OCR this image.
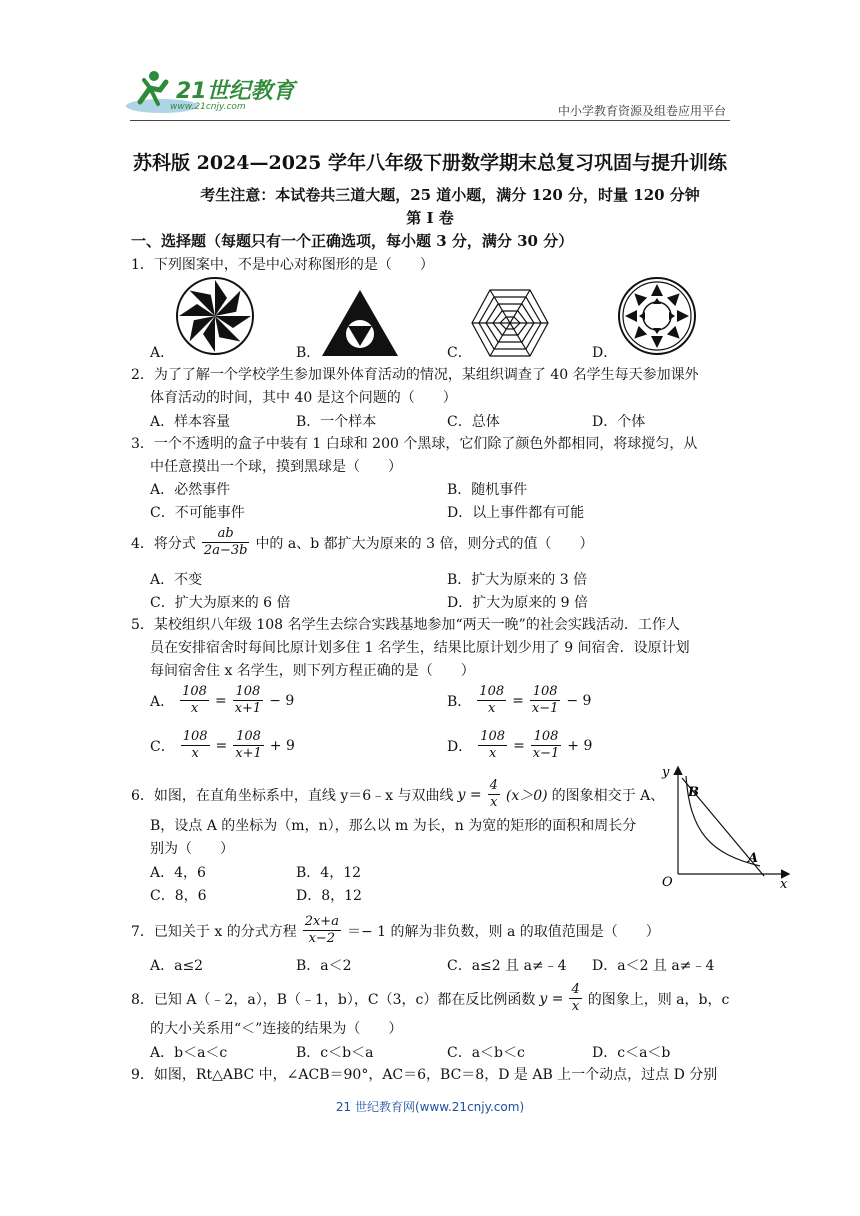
21世纪教育
www.21cnjy.com	中小学教育资源及组卷应用平台
苏科版 2024—2025 学年八年级下册数学期末总复习巩固与提升训练
考生注意：本试卷共三道大题，25 道小题，满分 120 分，时量 120 分钟
第 I 卷
一、选择题（每题只有一个正确选项，每小题 3 分，满分 30 分）
1．下列图案中，不是中心对称图形的是（　　）
A．	B．	C．	D．
2．为了了解一个学校学生参加课外体育活动的情况，某组织调查了 40 名学生每天参加课外
体育活动的时间，其中 40 是这个问题的（　　）
A．样本容量	B．一个样本	C．总体	D．个体
3．一个不透明的盒子中装有 1 白球和 200 个黑球，它们除了颜色外都相同，将球搅匀，从
中任意摸出一个球，摸到黑球是（　　）
A．必然事件	B．随机事件
C．不可能事件	D．以上事件都有可能
4．将分式 $\frac{ab}{2a-3b}$ 中的 a、b 都扩大为原来的 3 倍，则分式的值（　　）
A．不变	B．扩大为原来的 3 倍
C．扩大为原来的 6 倍	D．扩大为原来的 9 倍
5．某校组织八年级 108 名学生去综合实践基地参加“两天一晚”的社会实践活动．工作人
员在安排宿舍时每间比原计划多住 1 名学生，结果比原计划少用了 9 间宿舍．设原计划
每间宿舍住 x 名学生，则下列方程正确的是（　　）
A． $\frac{108}{x} = \frac{108}{x+1} - 9$	B． $\frac{108}{x} = \frac{108}{x-1} - 9$
C． $\frac{108}{x} = \frac{108}{x+1} + 9$	D． $\frac{108}{x} = \frac{108}{x-1} + 9$
6．如图，在直角坐标系中，直线 y＝6﹣x 与双曲线 $y = \frac{4}{x} (x>0)$ 的图象相交于 A、
B，设点 A 的坐标为（m，n），那么以 m 为长，n 为宽的矩形的面积和周长分
别为（　　）
A．4，6	B．4，12
C．8，6	D．8，12
y
x
O
B
A
7．已知关于 x 的分式方程 $\frac{2x+a}{x-2} =- 1$ 的解为非负数，则 a 的取值范围是（　　）
A．a≤2	B．a＜2	C．a≤2 且 a≠﹣4 D．a＜2 且 a≠﹣4
8．已知 A（﹣2，a），B（﹣1，b），C（3，c）都在反比例函数 $y = \frac{4}{x}$ 的图象上，则 a，b，c
的大小关系用“＜”连接的结果为（　　）
A．b＜a＜c	B．c＜b＜a	C．a＜b＜c	D．c＜a＜b
9．如图，Rt△ABC 中，∠ACB＝90°，AC＝6，BC＝8，D 是 AB 上一个动点，过点 D 分别
21 世纪教育网(www.21cnjy.com)
